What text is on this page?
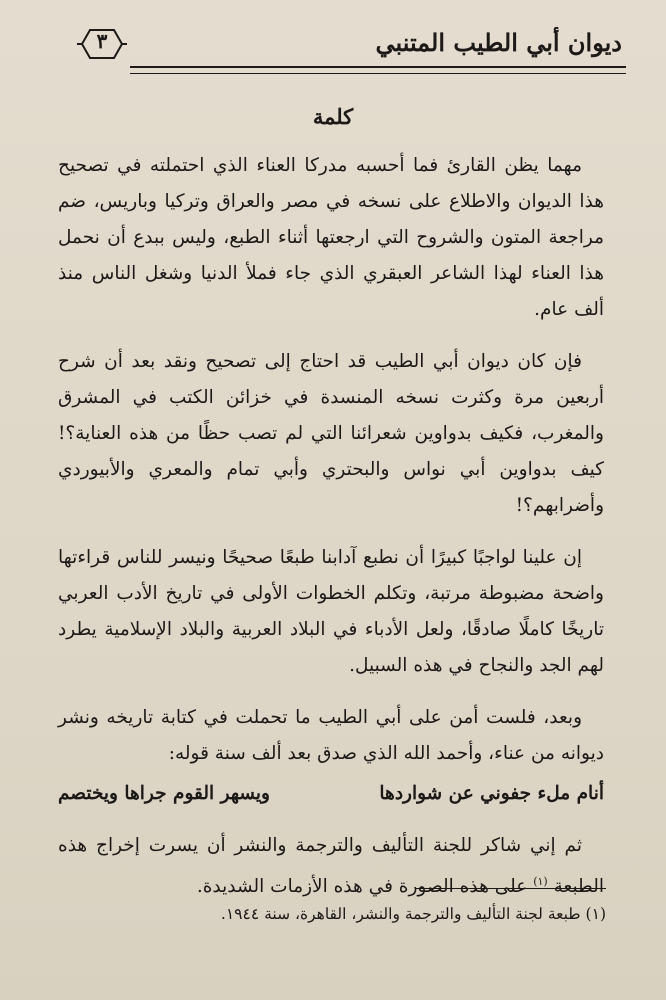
ديوان أبي الطيب المتنبي
٣
كلمة

مهما يظن القارئ فما أحسبه مدركا العناء الذي احتملته في تصحيح هذا الديوان والاطلاع على نسخه في مصر والعراق وتركيا وباريس، ضم مراجعة المتون والشروح التي ارجعتها أثناء الطبع، وليس ببدع أن نحمل هذا العناء لهذا الشاعر العبقري الذي جاء فملأ الدنيا وشغل الناس منذ ألف عام.

فإن كان ديوان أبي الطيب قد احتاج إلى تصحيح ونقد بعد أن شرح أربعين مرة وكثرت نسخه المنسدة في خزائن الكتب في المشرق والمغرب، فكيف بدواوين شعرائنا التي لم تصب حظًا من هذه العناية؟! كيف بدواوين أبي نواس والبحتري وأبي تمام والمعري والأبيوردي وأضرابهم؟!

إن علينا لواجبًا كبيرًا أن نطبع آدابنا طبعًا صحيحًا ونيسر للناس قراءتها واضحة مضبوطة مرتبة، وتكلم الخطوات الأولى في تاريخ الأدب العربي تاريخًا كاملًا صادقًا، ولعل الأدباء في البلاد العربية والبلاد الإسلامية يطرد لهم الجد والنجاح في هذه السبيل.

وبعد، فلست أمن على أبي الطيب ما تحملت في كتابة تاريخه ونشر ديوانه من عناء، وأحمد الله الذي صدق بعد ألف سنة قوله:

أنام ملء جفوني عن شواردها
ويسهر القوم جراها ويختصم

ثم إني شاكر للجنة التأليف والترجمة والنشر أن يسرت إخراج هذه الطبعة $^{(١)}$ على هذه الصورة في هذه الأزمات الشديدة.

(١) طبعة لجنة التأليف والترجمة والنشر، القاهرة، سنة ١٩٤٤.
